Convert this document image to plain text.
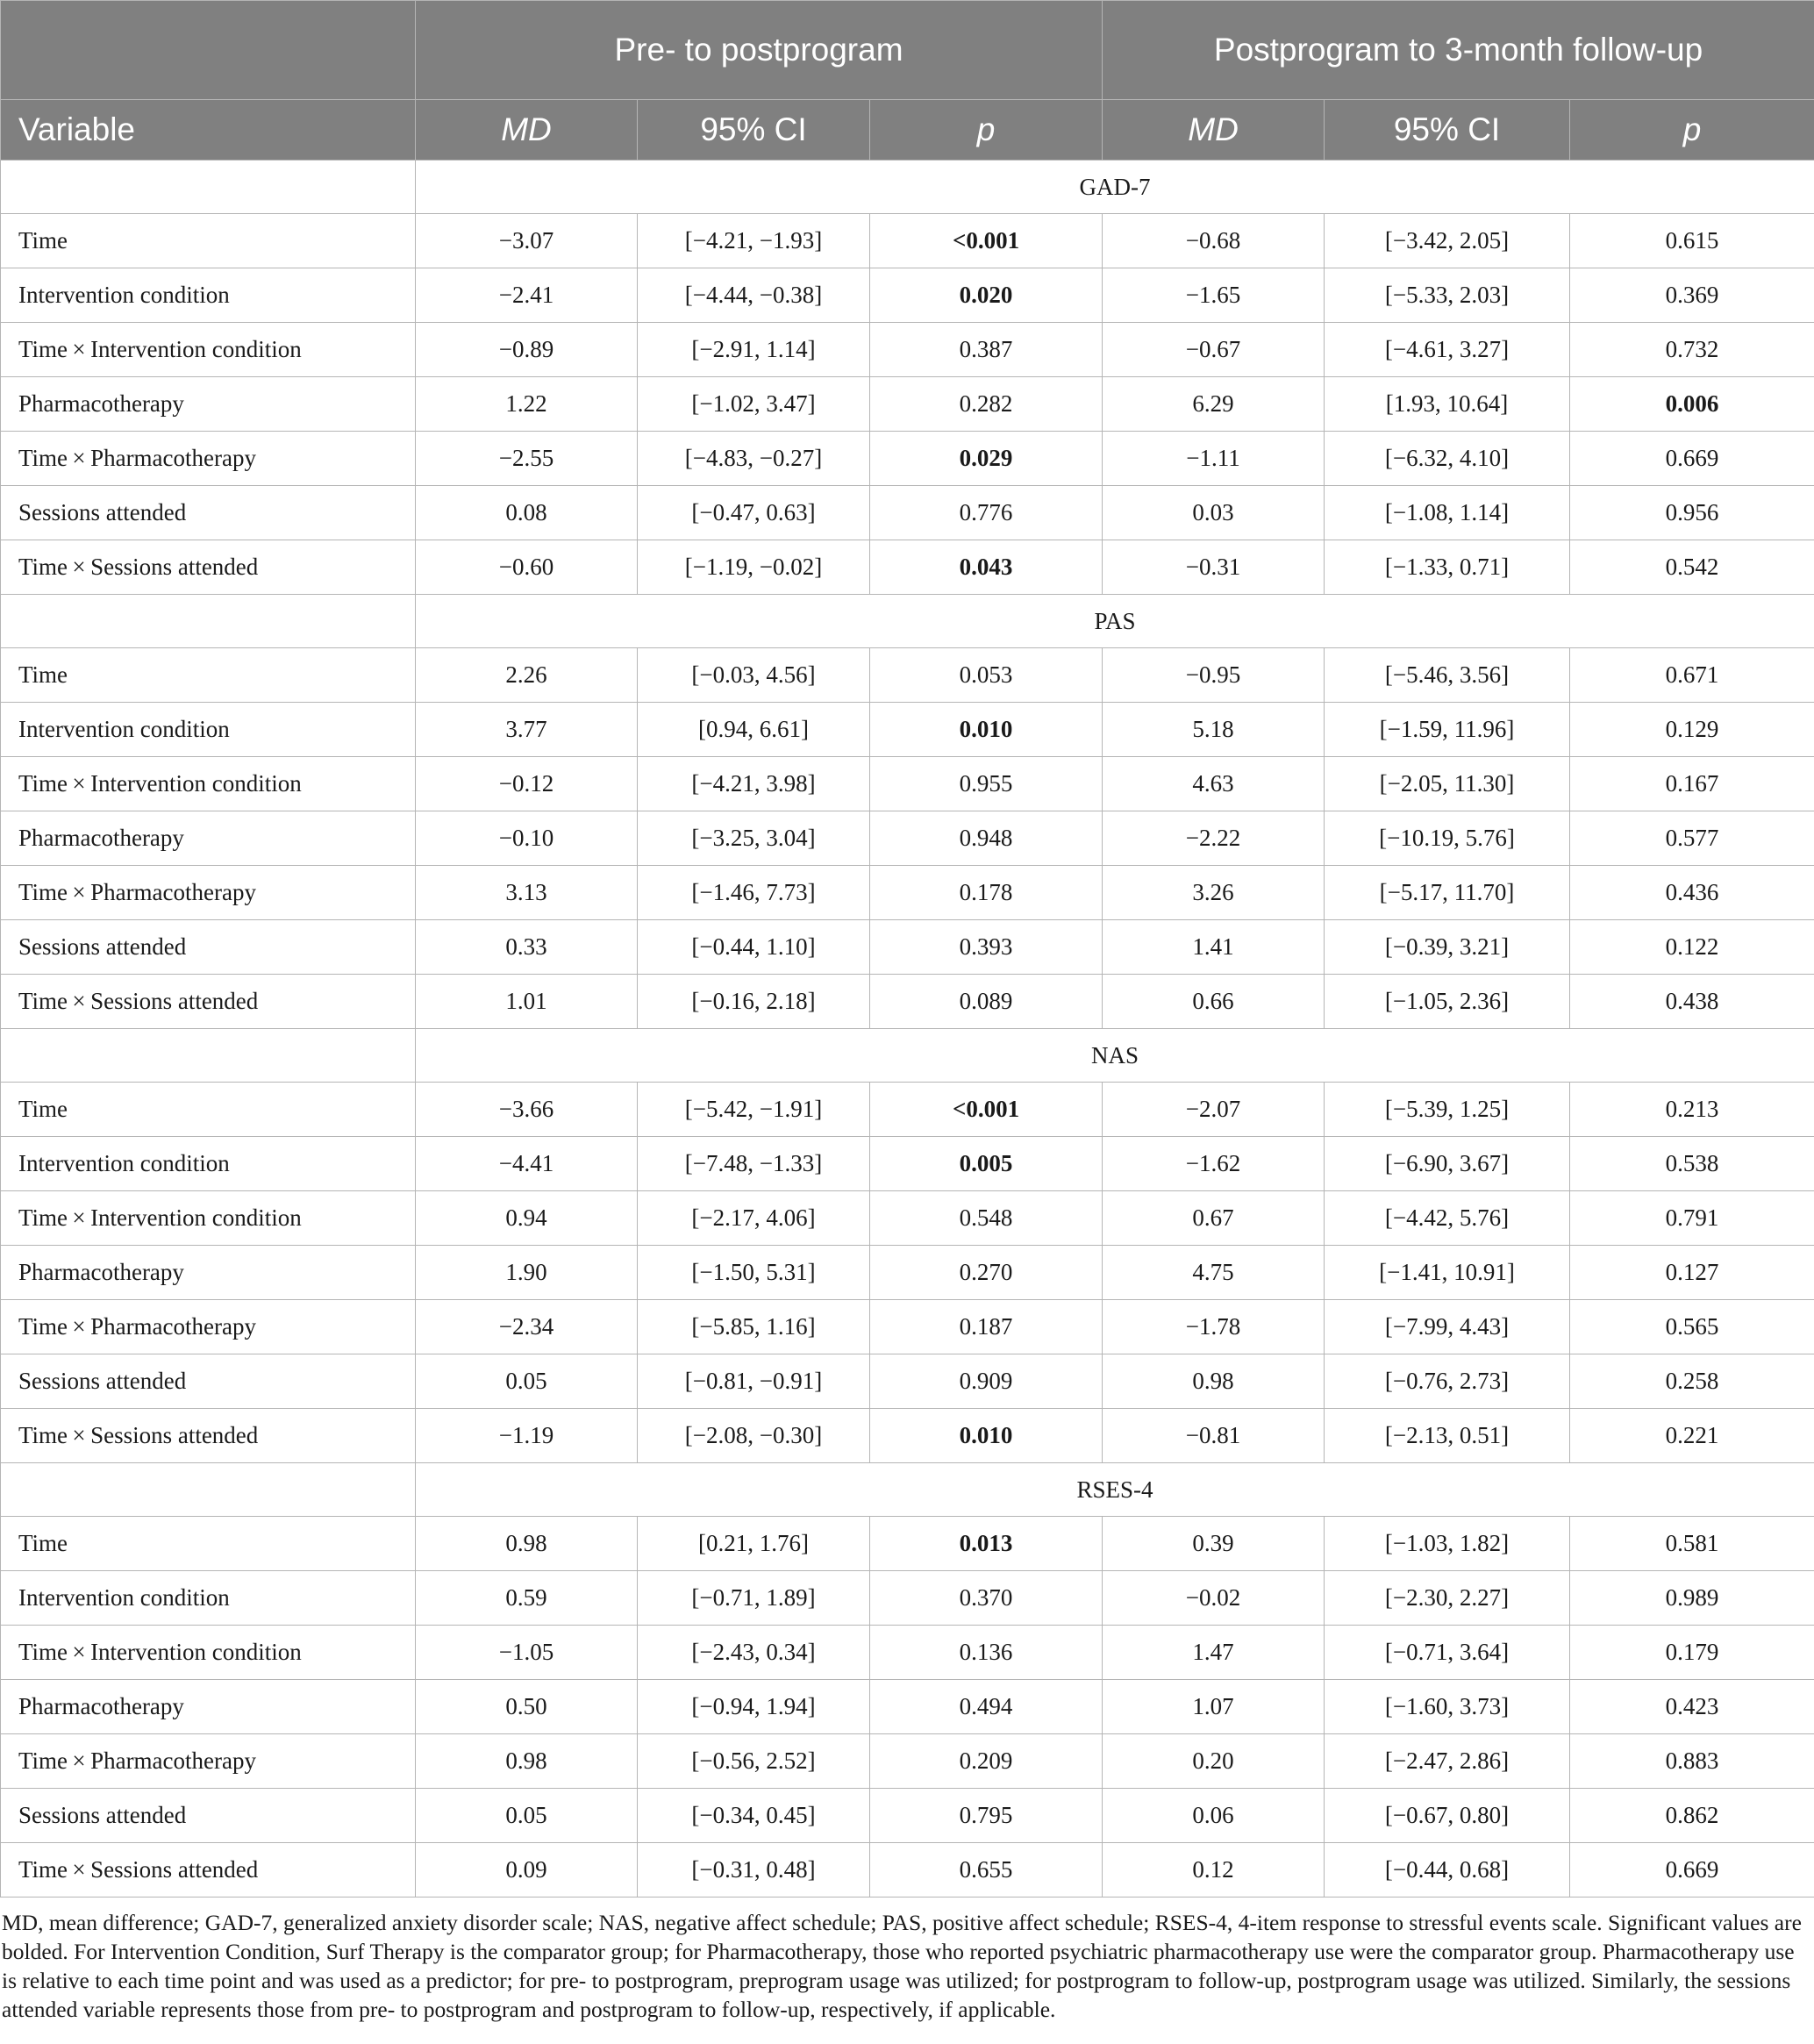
	Pre- to postprogram			Postprogram to 3-month follow-up		
Variable	MD	95% CI	p	MD	95% CI	p
	GAD-7					
Time	−3.07	[−4.21, −1.93]	<0.001	−0.68	[−3.42, 2.05]	0.615
Intervention condition	−2.41	[−4.44, −0.38]	0.020	−1.65	[−5.33, 2.03]	0.369
Time × Intervention condition	−0.89	[−2.91, 1.14]	0.387	−0.67	[−4.61, 3.27]	0.732
Pharmacotherapy	1.22	[−1.02, 3.47]	0.282	6.29	[1.93, 10.64]	0.006
Time × Pharmacotherapy	−2.55	[−4.83, −0.27]	0.029	−1.11	[−6.32, 4.10]	0.669
Sessions attended	0.08	[−0.47, 0.63]	0.776	0.03	[−1.08, 1.14]	0.956
Time × Sessions attended	−0.60	[−1.19, −0.02]	0.043	−0.31	[−1.33, 0.71]	0.542
	PAS					
Time	2.26	[−0.03, 4.56]	0.053	−0.95	[−5.46, 3.56]	0.671
Intervention condition	3.77	[0.94, 6.61]	0.010	5.18	[−1.59, 11.96]	0.129
Time × Intervention condition	−0.12	[−4.21, 3.98]	0.955	4.63	[−2.05, 11.30]	0.167
Pharmacotherapy	−0.10	[−3.25, 3.04]	0.948	−2.22	[−10.19, 5.76]	0.577
Time × Pharmacotherapy	3.13	[−1.46, 7.73]	0.178	3.26	[−5.17, 11.70]	0.436
Sessions attended	0.33	[−0.44, 1.10]	0.393	1.41	[−0.39, 3.21]	0.122
Time × Sessions attended	1.01	[−0.16, 2.18]	0.089	0.66	[−1.05, 2.36]	0.438
	NAS					
Time	−3.66	[−5.42, −1.91]	<0.001	−2.07	[−5.39, 1.25]	0.213
Intervention condition	−4.41	[−7.48, −1.33]	0.005	−1.62	[−6.90, 3.67]	0.538
Time × Intervention condition	0.94	[−2.17, 4.06]	0.548	0.67	[−4.42, 5.76]	0.791
Pharmacotherapy	1.90	[−1.50, 5.31]	0.270	4.75	[−1.41, 10.91]	0.127
Time × Pharmacotherapy	−2.34	[−5.85, 1.16]	0.187	−1.78	[−7.99, 4.43]	0.565
Sessions attended	0.05	[−0.81, −0.91]	0.909	0.98	[−0.76, 2.73]	0.258
Time × Sessions attended	−1.19	[−2.08, −0.30]	0.010	−0.81	[−2.13, 0.51]	0.221
	RSES-4					
Time	0.98	[0.21, 1.76]	0.013	0.39	[−1.03, 1.82]	0.581
Intervention condition	0.59	[−0.71, 1.89]	0.370	−0.02	[−2.30, 2.27]	0.989
Time × Intervention condition	−1.05	[−2.43, 0.34]	0.136	1.47	[−0.71, 3.64]	0.179
Pharmacotherapy	0.50	[−0.94, 1.94]	0.494	1.07	[−1.60, 3.73]	0.423
Time × Pharmacotherapy	0.98	[−0.56, 2.52]	0.209	0.20	[−2.47, 2.86]	0.883
Sessions attended	0.05	[−0.34, 0.45]	0.795	0.06	[−0.67, 0.80]	0.862
Time × Sessions attended	0.09	[−0.31, 0.48]	0.655	0.12	[−0.44, 0.68]	0.669

MD, mean difference; GAD-7, generalized anxiety disorder scale; NAS, negative affect schedule; PAS, positive affect schedule; RSES-4, 4-item response to stressful events scale. Significant values are bolded. For Intervention Condition, Surf Therapy is the comparator group; for Pharmacotherapy, those who reported psychiatric pharmacotherapy use were the comparator group. Pharmacotherapy use is relative to each time point and was used as a predictor; for pre- to postprogram, preprogram usage was utilized; for postprogram to follow-up, postprogram usage was utilized. Similarly, the sessions attended variable represents those from pre- to postprogram and postprogram to follow-up, respectively, if applicable.
